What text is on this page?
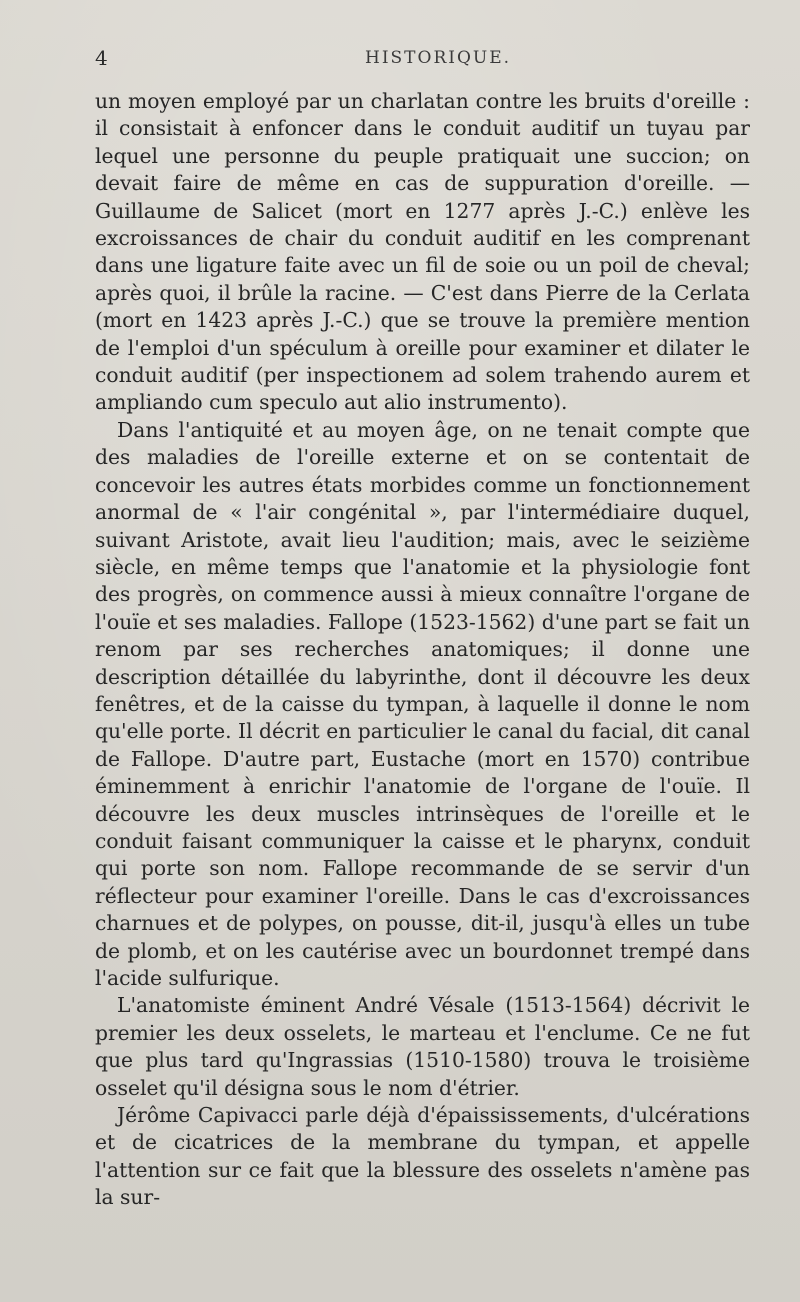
4	HISTORIQUE.

un moyen employé par un charlatan contre les bruits d'oreille : il consistait à enfoncer dans le conduit auditif un tuyau par lequel une personne du peuple pratiquait une succion; on devait faire de même en cas de suppuration d'oreille. — Guillaume de Salicet (mort en 1277 après J.-C.) enlève les excroissances de chair du conduit auditif en les comprenant dans une ligature faite avec un fil de soie ou un poil de cheval; après quoi, il brûle la racine. — C'est dans Pierre de la Cerlata (mort en 1423 après J.-C.) que se trouve la première mention de l'emploi d'un spéculum à oreille pour examiner et dilater le conduit auditif (per inspectionem ad solem trahendo aurem et ampliando cum speculo aut alio instrumento).

Dans l'antiquité et au moyen âge, on ne tenait compte que des maladies de l'oreille externe et on se contentait de concevoir les autres états morbides comme un fonctionnement anormal de « l'air congénital », par l'intermédiaire duquel, suivant Aristote, avait lieu l'audition; mais, avec le seizième siècle, en même temps que l'anatomie et la physiologie font des progrès, on commence aussi à mieux connaître l'organe de l'ouïe et ses maladies. Fallope (1523-1562) d'une part se fait un renom par ses recherches anatomiques; il donne une description détaillée du labyrinthe, dont il découvre les deux fenêtres, et de la caisse du tympan, à laquelle il donne le nom qu'elle porte. Il décrit en particulier le canal du facial, dit canal de Fallope. D'autre part, Eustache (mort en 1570) contribue éminemment à enrichir l'anatomie de l'organe de l'ouïe. Il découvre les deux muscles intrinsèques de l'oreille et le conduit faisant communiquer la caisse et le pharynx, conduit qui porte son nom. Fallope recommande de se servir d'un réflecteur pour examiner l'oreille. Dans le cas d'excroissances charnues et de polypes, on pousse, dit-il, jusqu'à elles un tube de plomb, et on les cautérise avec un bourdonnet trempé dans l'acide sulfurique.

L'anatomiste éminent André Vésale (1513-1564) décrivit le premier les deux osselets, le marteau et l'enclume. Ce ne fut que plus tard qu'Ingrassias (1510-1580) trouva le troisième osselet qu'il désigna sous le nom d'étrier.

Jérôme Capivacci parle déjà d'épaississements, d'ulcérations et de cicatrices de la membrane du tympan, et appelle l'attention sur ce fait que la blessure des osselets n'amène pas la sur-
